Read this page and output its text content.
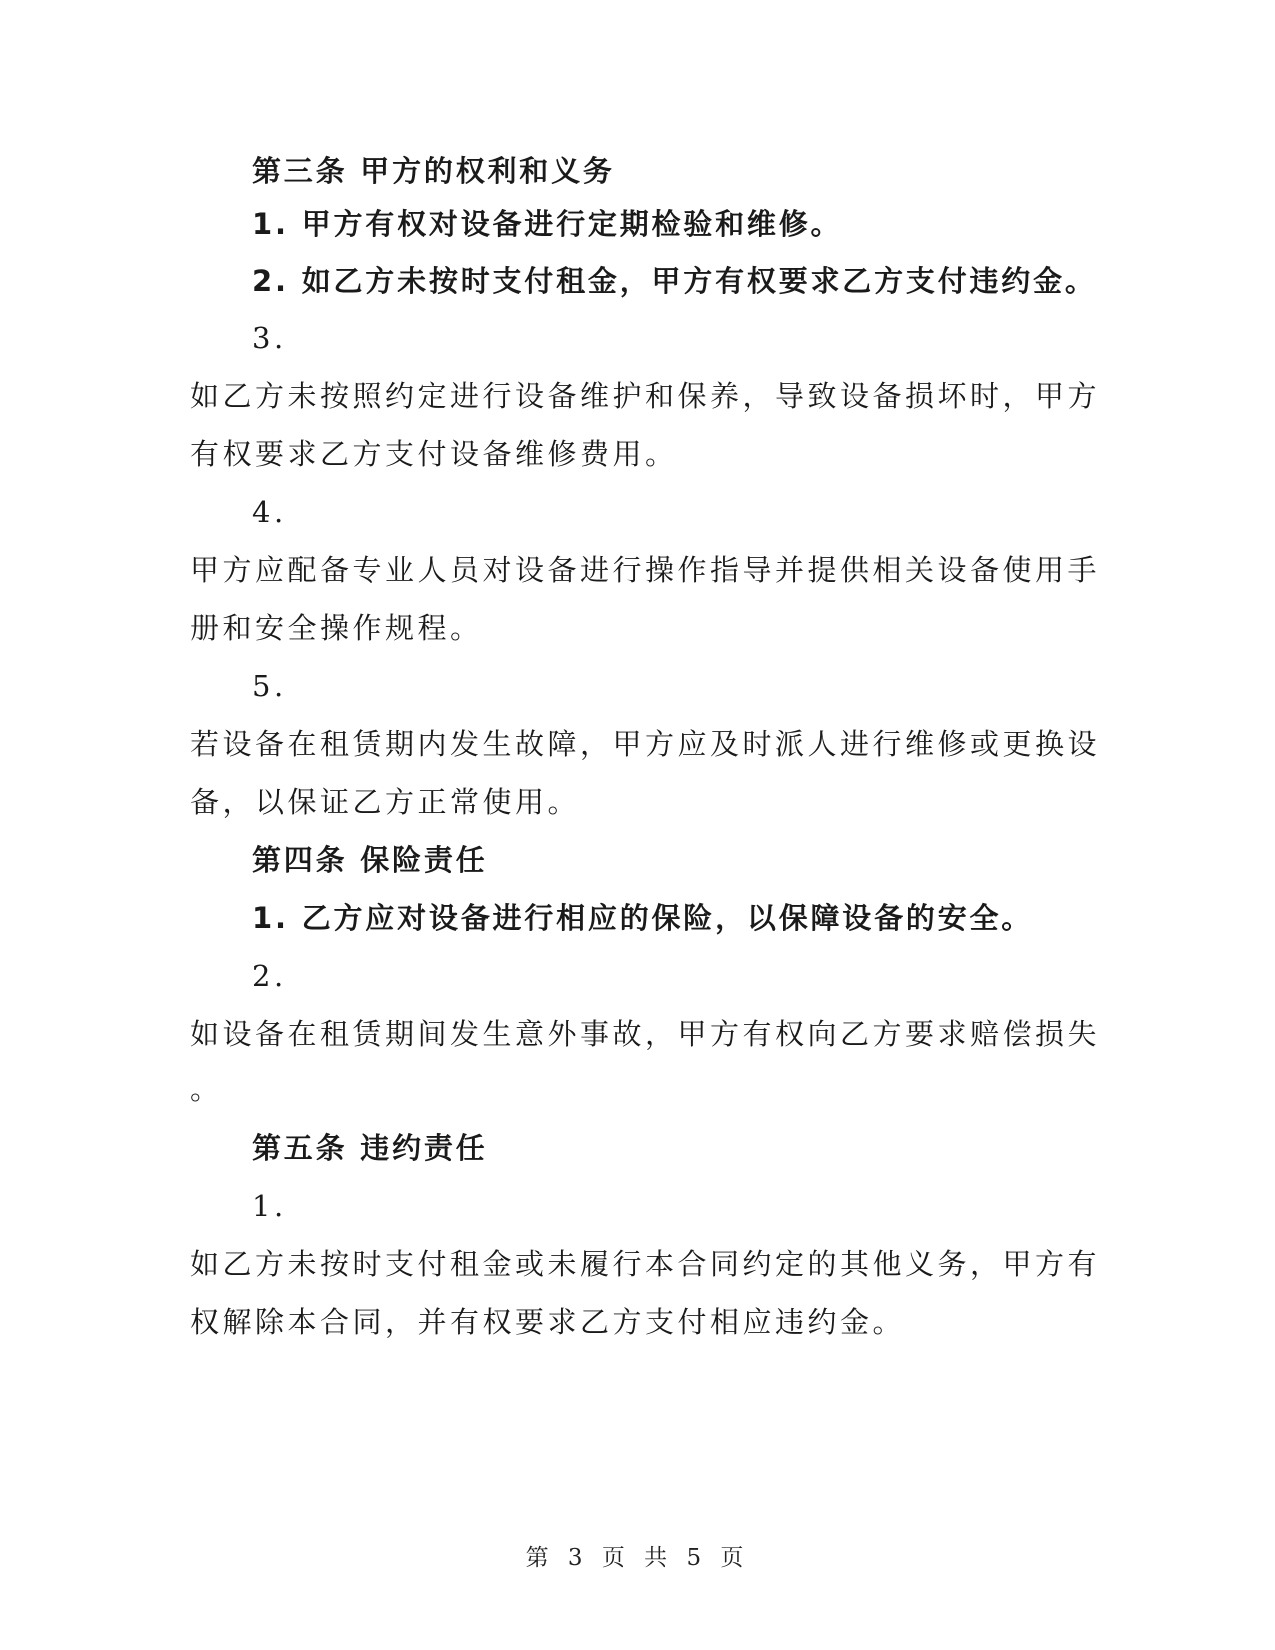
第三条 甲方的权利和义务
1. 甲方有权对设备进行定期检验和维修。
2. 如乙方未按时支付租金，甲方有权要求乙方支付违约金。
3.
如乙方未按照约定进行设备维护和保养，导致设备损坏时，甲方
有权要求乙方支付设备维修费用。
4.
甲方应配备专业人员对设备进行操作指导并提供相关设备使用手
册和安全操作规程。
5.
若设备在租赁期内发生故障，甲方应及时派人进行维修或更换设
备，以保证乙方正常使用。
第四条 保险责任
1. 乙方应对设备进行相应的保险，以保障设备的安全。
2.
如设备在租赁期间发生意外事故，甲方有权向乙方要求赔偿损失
。
第五条 违约责任
1.
如乙方未按时支付租金或未履行本合同约定的其他义务，甲方有
权解除本合同，并有权要求乙方支付相应违约金。
第 3 页 共 5 页
